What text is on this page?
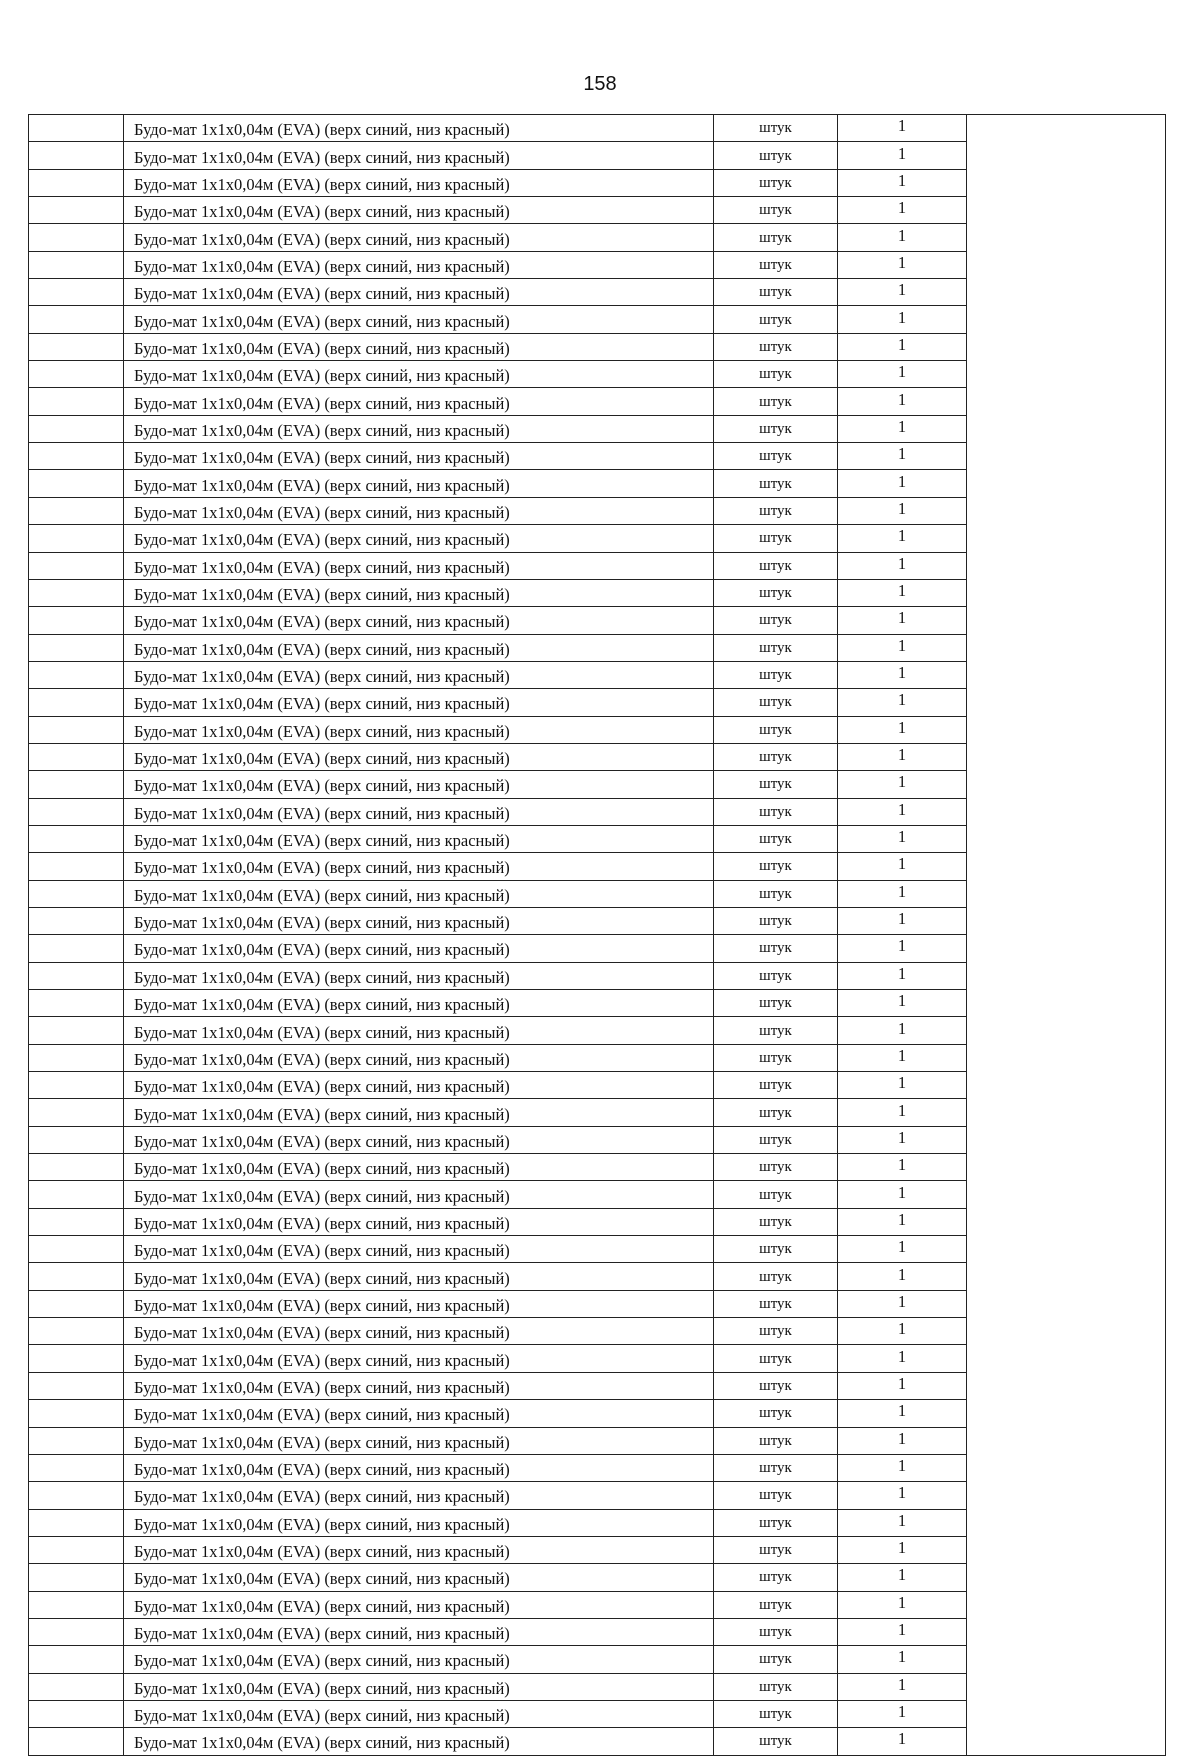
158
	Будо-мат 1х1х0,04м (EVA) (верх синий, низ красный)	штук	1	
	Будо-мат 1х1х0,04м (EVA) (верх синий, низ красный)	штук	1	
	Будо-мат 1х1х0,04м (EVA) (верх синий, низ красный)	штук	1	
	Будо-мат 1х1х0,04м (EVA) (верх синий, низ красный)	штук	1	
	Будо-мат 1х1х0,04м (EVA) (верх синий, низ красный)	штук	1	
	Будо-мат 1х1х0,04м (EVA) (верх синий, низ красный)	штук	1	
	Будо-мат 1х1х0,04м (EVA) (верх синий, низ красный)	штук	1	
	Будо-мат 1х1х0,04м (EVA) (верх синий, низ красный)	штук	1	
	Будо-мат 1х1х0,04м (EVA) (верх синий, низ красный)	штук	1	
	Будо-мат 1х1х0,04м (EVA) (верх синий, низ красный)	штук	1	
	Будо-мат 1х1х0,04м (EVA) (верх синий, низ красный)	штук	1	
	Будо-мат 1х1х0,04м (EVA) (верх синий, низ красный)	штук	1	
	Будо-мат 1х1х0,04м (EVA) (верх синий, низ красный)	штук	1	
	Будо-мат 1х1х0,04м (EVA) (верх синий, низ красный)	штук	1	
	Будо-мат 1х1х0,04м (EVA) (верх синий, низ красный)	штук	1	
	Будо-мат 1х1х0,04м (EVA) (верх синий, низ красный)	штук	1	
	Будо-мат 1х1х0,04м (EVA) (верх синий, низ красный)	штук	1	
	Будо-мат 1х1х0,04м (EVA) (верх синий, низ красный)	штук	1	
	Будо-мат 1х1х0,04м (EVA) (верх синий, низ красный)	штук	1	
	Будо-мат 1х1х0,04м (EVA) (верх синий, низ красный)	штук	1	
	Будо-мат 1х1х0,04м (EVA) (верх синий, низ красный)	штук	1	
	Будо-мат 1х1х0,04м (EVA) (верх синий, низ красный)	штук	1	
	Будо-мат 1х1х0,04м (EVA) (верх синий, низ красный)	штук	1	
	Будо-мат 1х1х0,04м (EVA) (верх синий, низ красный)	штук	1	
	Будо-мат 1х1х0,04м (EVA) (верх синий, низ красный)	штук	1	
	Будо-мат 1х1х0,04м (EVA) (верх синий, низ красный)	штук	1	
	Будо-мат 1х1х0,04м (EVA) (верх синий, низ красный)	штук	1	
	Будо-мат 1х1х0,04м (EVA) (верх синий, низ красный)	штук	1	
	Будо-мат 1х1х0,04м (EVA) (верх синий, низ красный)	штук	1	
	Будо-мат 1х1х0,04м (EVA) (верх синий, низ красный)	штук	1	
	Будо-мат 1х1х0,04м (EVA) (верх синий, низ красный)	штук	1	
	Будо-мат 1х1х0,04м (EVA) (верх синий, низ красный)	штук	1	
	Будо-мат 1х1х0,04м (EVA) (верх синий, низ красный)	штук	1	
	Будо-мат 1х1х0,04м (EVA) (верх синий, низ красный)	штук	1	
	Будо-мат 1х1х0,04м (EVA) (верх синий, низ красный)	штук	1	
	Будо-мат 1х1х0,04м (EVA) (верх синий, низ красный)	штук	1	
	Будо-мат 1х1х0,04м (EVA) (верх синий, низ красный)	штук	1	
	Будо-мат 1х1х0,04м (EVA) (верх синий, низ красный)	штук	1	
	Будо-мат 1х1х0,04м (EVA) (верх синий, низ красный)	штук	1	
	Будо-мат 1х1х0,04м (EVA) (верх синий, низ красный)	штук	1	
	Будо-мат 1х1х0,04м (EVA) (верх синий, низ красный)	штук	1	
	Будо-мат 1х1х0,04м (EVA) (верх синий, низ красный)	штук	1	
	Будо-мат 1х1х0,04м (EVA) (верх синий, низ красный)	штук	1	
	Будо-мат 1х1х0,04м (EVA) (верх синий, низ красный)	штук	1	
	Будо-мат 1х1х0,04м (EVA) (верх синий, низ красный)	штук	1	
	Будо-мат 1х1х0,04м (EVA) (верх синий, низ красный)	штук	1	
	Будо-мат 1х1х0,04м (EVA) (верх синий, низ красный)	штук	1	
	Будо-мат 1х1х0,04м (EVA) (верх синий, низ красный)	штук	1	
	Будо-мат 1х1х0,04м (EVA) (верх синий, низ красный)	штук	1	
	Будо-мат 1х1х0,04м (EVA) (верх синий, низ красный)	штук	1	
	Будо-мат 1х1х0,04м (EVA) (верх синий, низ красный)	штук	1	
	Будо-мат 1х1х0,04м (EVA) (верх синий, низ красный)	штук	1	
	Будо-мат 1х1х0,04м (EVA) (верх синий, низ красный)	штук	1	
	Будо-мат 1х1х0,04м (EVA) (верх синий, низ красный)	штук	1	
	Будо-мат 1х1х0,04м (EVA) (верх синий, низ красный)	штук	1	
	Будо-мат 1х1х0,04м (EVA) (верх синий, низ красный)	штук	1	
	Будо-мат 1х1х0,04м (EVA) (верх синий, низ красный)	штук	1	
	Будо-мат 1х1х0,04м (EVA) (верх синий, низ красный)	штук	1	
	Будо-мат 1х1х0,04м (EVA) (верх синий, низ красный)	штук	1	
	Будо-мат 1х1х0,04м (EVA) (верх синий, низ красный)	штук	1	
